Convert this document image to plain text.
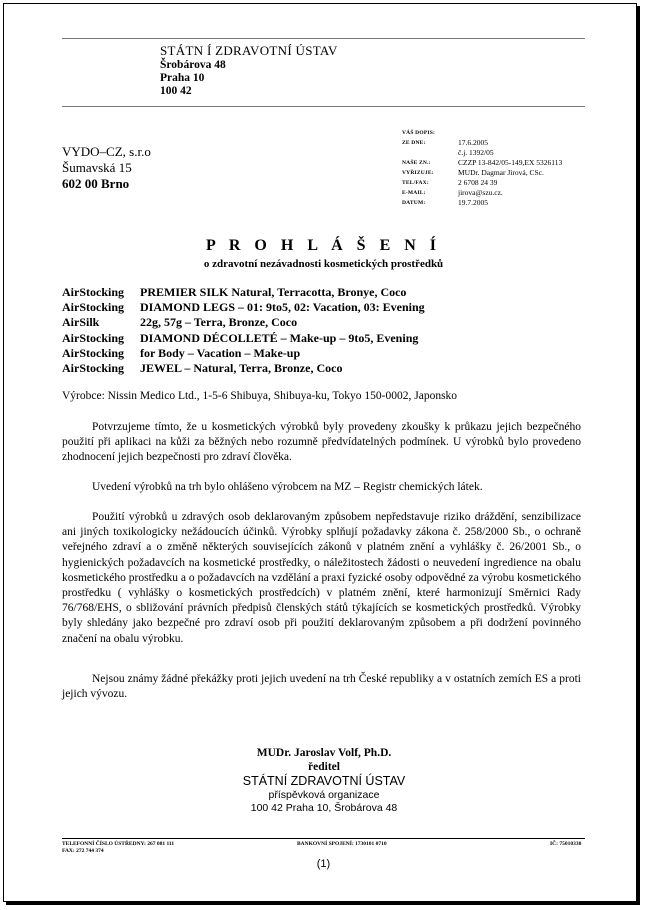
STÁTN Í ZDRAVOTNÍ ÚSTAV
Šrobárova 48
Praha 10
100 42
VYDO–CZ, s.r.o
Šumavská 15
602 00 Brno
VÁŠ DOPIS:
ZE DNE:	17.6.2005
č.j. 1392/05
NAŠE ZN.:	CZZP 13-842/05-149,EX 5326113
VYŘIZUJE:	MUDr. Dagmar Jírová, CSc.
TEL/FAX:	2 6708 24 39
E-MAIL:	jirova@szu.cz.
DATUM:	19.7.2005
P R O H L Á Š E N Í
o zdravotní nezávadnosti kosmetických prostředků
AirStocking PREMIER SILK Natural, Terracotta, Bronye, Coco
AirStocking DIAMOND LEGS – 01: 9to5, 02: Vacation, 03: Evening
AirSilk	22g, 57g – Terra, Bronze, Coco
AirStocking DIAMOND DÉCOLLETÉ – Make-up – 9to5, Evening
AirStocking for Body – Vacation – Make-up
AirStocking JEWEL – Natural, Terra, Bronze, Coco
Výrobce: Nissin Medico Ltd., 1-5-6 Shibuya, Shibuya-ku, Tokyo 150-0002, Japonsko
Potvrzujeme tímto, že u kosmetických výrobků byly provedeny zkoušky k průkazu jejich bezpečného použití při aplikaci na kůži za běžných nebo rozumně předvídatelných podmínek. U výrobků bylo provedeno zhodnocení jejich bezpečnosti pro zdraví člověka.
Uvedení výrobků na trh bylo ohlášeno výrobcem na MZ – Registr chemických látek.
Použití výrobků u zdravých osob deklarovaným způsobem nepředstavuje riziko dráždění, senzibilizace ani jiných toxikologicky nežádoucích účinků. Výrobky splňují požadavky zákona č. 258/2000 Sb., o ochraně veřejného zdraví a o změně některých souvisejících zákonů v platném znění a vyhlášky č. 26/2001 Sb., o hygienických požadavcích na kosmetické prostředky, o náležitostech žádosti o neuvedení ingredience na obalu kosmetického prostředku a o požadavcích na vzdělání a praxi fyzické osoby odpovědné za výrobu kosmetického prostředku ( vyhlášky o kosmetických prostředcích) v platném znění, které harmonizují Směrnici Rady 76/768/EHS, o sbližování právních předpisů členských států týkajících se kosmetických prostředků. Výrobky byly shledány jako bezpečné pro zdraví osob při použití deklarovaným způsobem a při dodržení povinného značení na obalu výrobku.
Nejsou známy žádné překážky proti jejich uvedení na trh České republiky a v ostatních zemích ES a proti jejich vývozu.
MUDr. Jaroslav Volf, Ph.D.
ředitel
STÁTNÍ ZDRAVOTNÍ ÚSTAV
příspěvková organizace
100 42 Praha 10, Šrobárova 48
TELEFONNÍ ČÍSLO ÚSTŘEDNY: 267 081 111
FAX: 272 744 374
BANKOVNÍ SPOJENÍ: 1730101 0710	IČ: 75010330
(1)
